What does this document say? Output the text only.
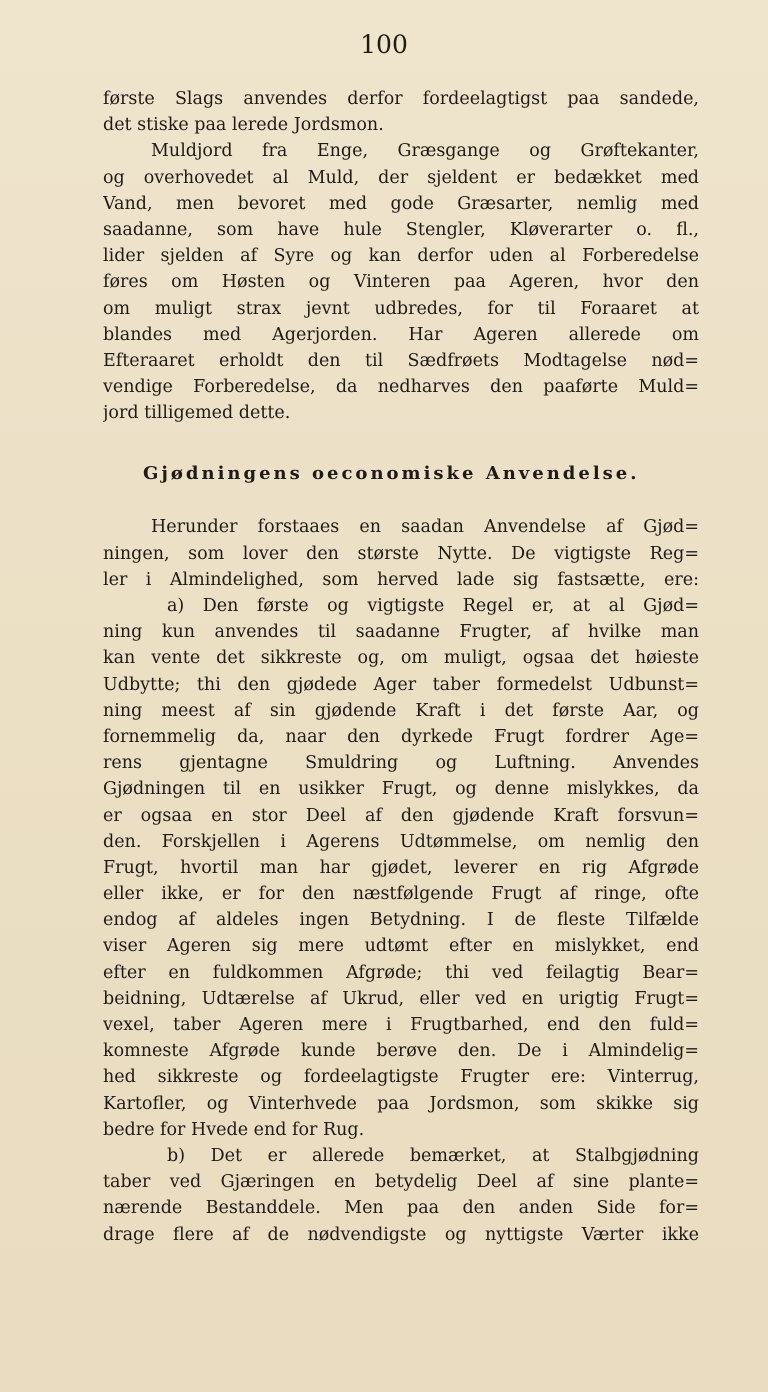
100

første Slags anvendes derfor fordeelagtigst paa sandede,
det stiske paa lerede Jordsmon.

Muldjord fra Enge, Græsgange og Grøftekanter,
og overhovedet al Muld, der sjeldent er bedækket med
Vand, men bevoret med gode Græsarter, nemlig med
saadanne, som have hule Stengler, Kløverarter o. fl.,
lider sjelden af Syre og kan derfor uden al Forberedelse
føres om Høsten og Vinteren paa Ageren, hvor den
om muligt strax jevnt udbredes, for til Foraaret at
blandes med Agerjorden. Har Ageren allerede om
Efteraaret erholdt den til Sædfrøets Modtagelse nød=
vendige Forberedelse, da nedharves den paaførte Muld=
jord tilligemed dette.

Gjødningens oeconomiske Anvendelse.

Herunder forstaaes en saadan Anvendelse af Gjød=
ningen, som lover den største Nytte. De vigtigste Reg=
ler i Almindelighed, som herved lade sig fastsætte, ere:

a) Den første og vigtigste Regel er, at al Gjød=
ning kun anvendes til saadanne Frugter, af hvilke man
kan vente det sikkreste og, om muligt, ogsaa det høieste
Udbytte; thi den gjødede Ager taber formedelst Udbunst=
ning meest af sin gjødende Kraft i det første Aar, og
fornemmelig da, naar den dyrkede Frugt fordrer Age=
rens gjentagne Smuldring og Luftning. Anvendes
Gjødningen til en usikker Frugt, og denne mislykkes, da
er ogsaa en stor Deel af den gjødende Kraft forsvun=
den. Forskjellen i Agerens Udtømmelse, om nemlig den
Frugt, hvortil man har gjødet, leverer en rig Afgrøde
eller ikke, er for den næstfølgende Frugt af ringe, ofte
endog af aldeles ingen Betydning. I de fleste Tilfælde
viser Ageren sig mere udtømt efter en mislykket, end
efter en fuldkommen Afgrøde; thi ved feilagtig Bear=
beidning, Udtærelse af Ukrud, eller ved en urigtig Frugt=
vexel, taber Ageren mere i Frugtbarhed, end den fuld=
komneste Afgrøde kunde berøve den. De i Almindelig=
hed sikkreste og fordeelagtigste Frugter ere: Vinterrug,
Kartofler, og Vinterhvede paa Jordsmon, som skikke sig
bedre for Hvede end for Rug.

b) Det er allerede bemærket, at Stalbgjødning
taber ved Gjæringen en betydelig Deel af sine plante=
nærende Bestanddele. Men paa den anden Side for=
drage flere af de nødvendigste og nyttigste Værter ikke
